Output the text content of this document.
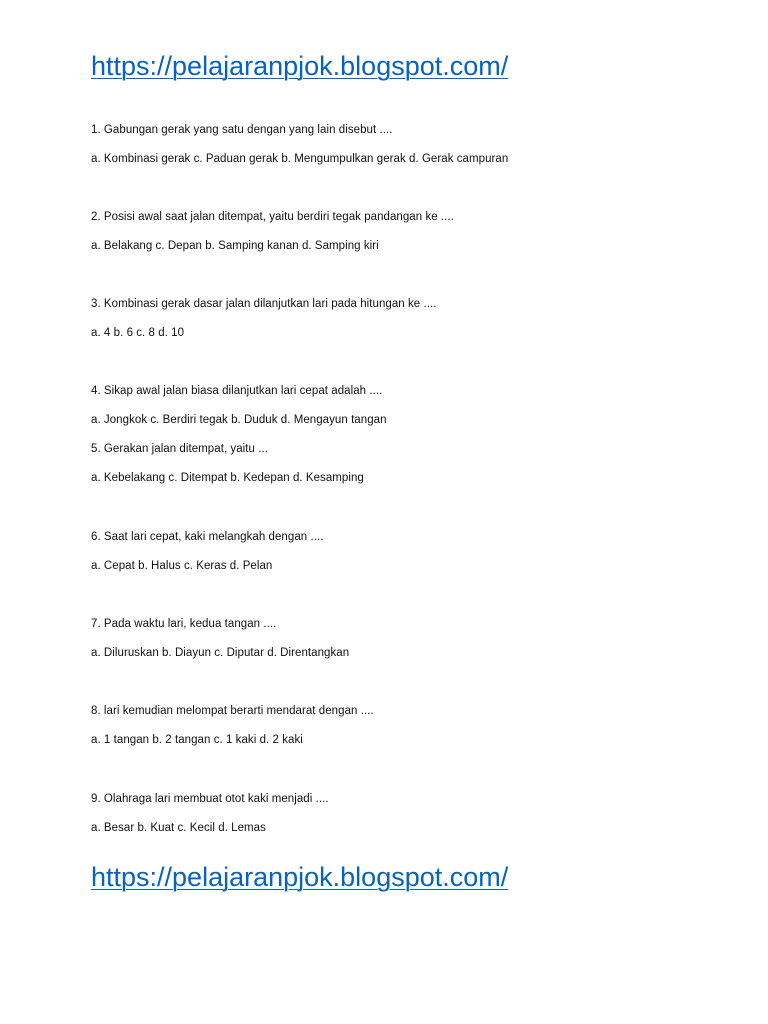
https://pelajaranpjok.blogspot.com/
1. Gabungan gerak yang satu dengan yang lain disebut ....
a. Kombinasi gerak c. Paduan gerak b. Mengumpulkan gerak d. Gerak campuran
2. Posisi awal saat jalan ditempat, yaitu berdiri tegak pandangan ke ....
a. Belakang c. Depan b. Samping kanan d. Samping kiri
3. Kombinasi gerak dasar jalan dilanjutkan lari pada hitungan ke ....
a. 4 b. 6 c. 8 d. 10
4. Sikap awal jalan biasa dilanjutkan lari cepat adalah ....
a. Jongkok c. Berdiri tegak b. Duduk d. Mengayun tangan
5. Gerakan jalan ditempat, yaitu ...
a. Kebelakang c. Ditempat b. Kedepan d. Kesamping
6. Saat lari cepat, kaki melangkah dengan ....
a. Cepat b. Halus c. Keras d. Pelan
7. Pada waktu lari, kedua tangan ....
a. Diluruskan b. Diayun c. Diputar d. Direntangkan
8. lari kemudian melompat berarti mendarat dengan ....
a. 1 tangan b. 2 tangan c. 1 kaki d. 2 kaki
9. Olahraga lari membuat otot kaki menjadi ....
a. Besar b. Kuat c. Kecil d. Lemas
https://pelajaranpjok.blogspot.com/
